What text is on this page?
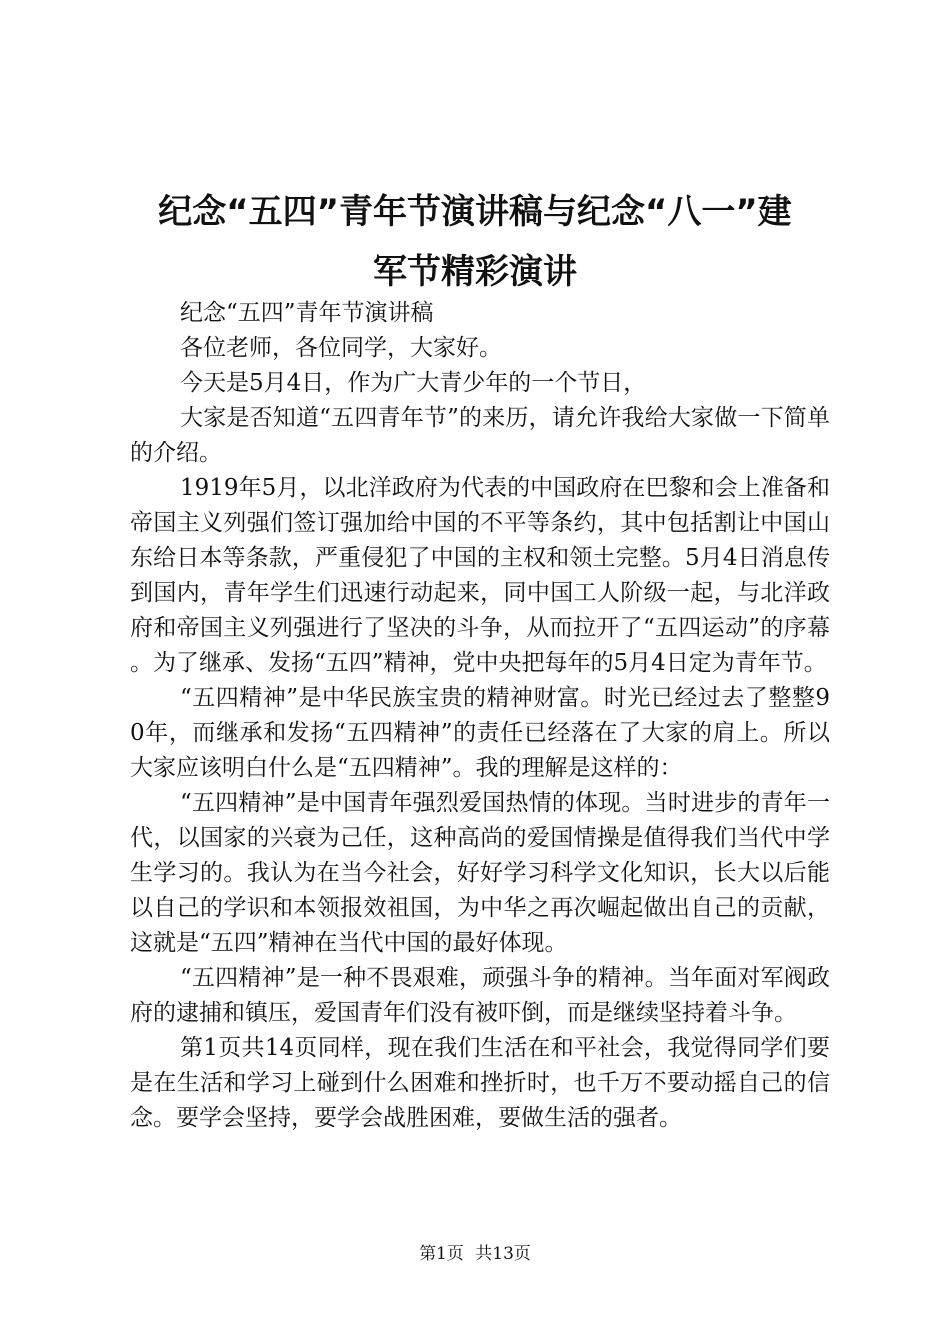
纪念“五四”青年节演讲稿与纪念“八一”建
军节精彩演讲

纪念“五四”青年节演讲稿

各位老师，各位同学，大家好。

今天是5月4日，作为广大青少年的一个节日，

大家是否知道“五四青年节”的来历，请允许我给大家做一下简单的介绍。

1919年5月，以北洋政府为代表的中国政府在巴黎和会上准备和帝国主义列强们签订强加给中国的不平等条约，其中包括割让中国山东给日本等条款，严重侵犯了中国的主权和领土完整。5月4日消息传到国内，青年学生们迅速行动起来，同中国工人阶级一起，与北洋政府和帝国主义列强进行了坚决的斗争，从而拉开了“五四运动”的序幕。为了继承、发扬“五四”精神，党中央把每年的5月4日定为青年节。

“五四精神”是中华民族宝贵的精神财富。时光已经过去了整整90年，而继承和发扬“五四精神”的责任已经落在了大家的肩上。所以大家应该明白什么是“五四精神”。我的理解是这样的：

“五四精神”是中国青年强烈爱国热情的体现。当时进步的青年一代，以国家的兴衰为己任，这种高尚的爱国情操是值得我们当代中学生学习的。我认为在当今社会，好好学习科学文化知识，长大以后能以自己的学识和本领报效祖国，为中华之再次崛起做出自己的贡献，这就是“五四”精神在当代中国的最好体现。

“五四精神”是一种不畏艰难，顽强斗争的精神。当年面对军阀政府的逮捕和镇压，爱国青年们没有被吓倒，而是继续坚持着斗争。

第1页共14页同样，现在我们生活在和平社会，我觉得同学们要是在生活和学习上碰到什么困难和挫折时，也千万不要动摇自己的信念。要学会坚持，要学会战胜困难，要做生活的强者。

第1页 共13页
